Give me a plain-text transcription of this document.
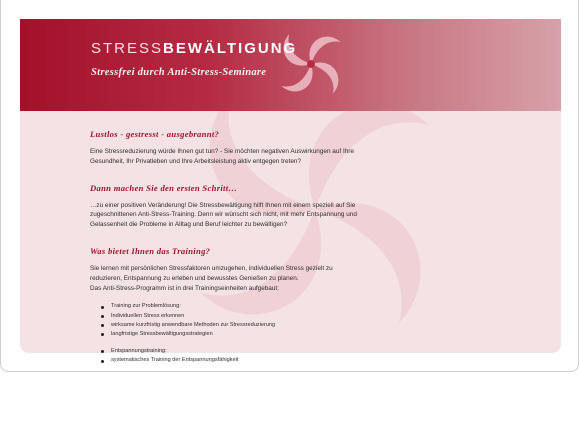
STRESSBEWÄLTIGUNG

Stressfrei durch Anti-Stress-Seminare

Lustlos - gestresst - ausgebrannt?

Eine Stressreduzierung würde Ihnen gut tun? - Sie möchten negativen Auswirkungen auf Ihre
Gesundheit, Ihr Privatleben und Ihre Arbeitsleistung aktiv entgegen treten?

Dann machen Sie den ersten Schritt…

…zu einer positiven Veränderung! Die Stressbewältigung hilft Ihnen mit einem speziell auf Sie
zugeschnittenen Anti-Stress-Training. Denn wir wünscht sich nicht, mit mehr Entspannung und
Gelassenheit die Probleme in Alltag und Beruf leichter zu bewältigen?

Was bietet Ihnen das Training?

Sie lernen mit persönlichen Stressfaktoren umzugehen, individuellen Stress gezielt zu
reduzieren, Entspannung zu erleben und bewusstes Genießen zu planen.
Das Anti-Stress-Programm ist in drei Trainingseinheiten aufgebaut:

Training zur Problemlösung:
Individuellen Stress erkennen
wirksame kurzfristig anwendbare Methoden zur Stressreduzierung
langfristige Stressbewältigungsstrategien
Entspannungstraining:
systematisches Training der Entspannungsfähigkeit
